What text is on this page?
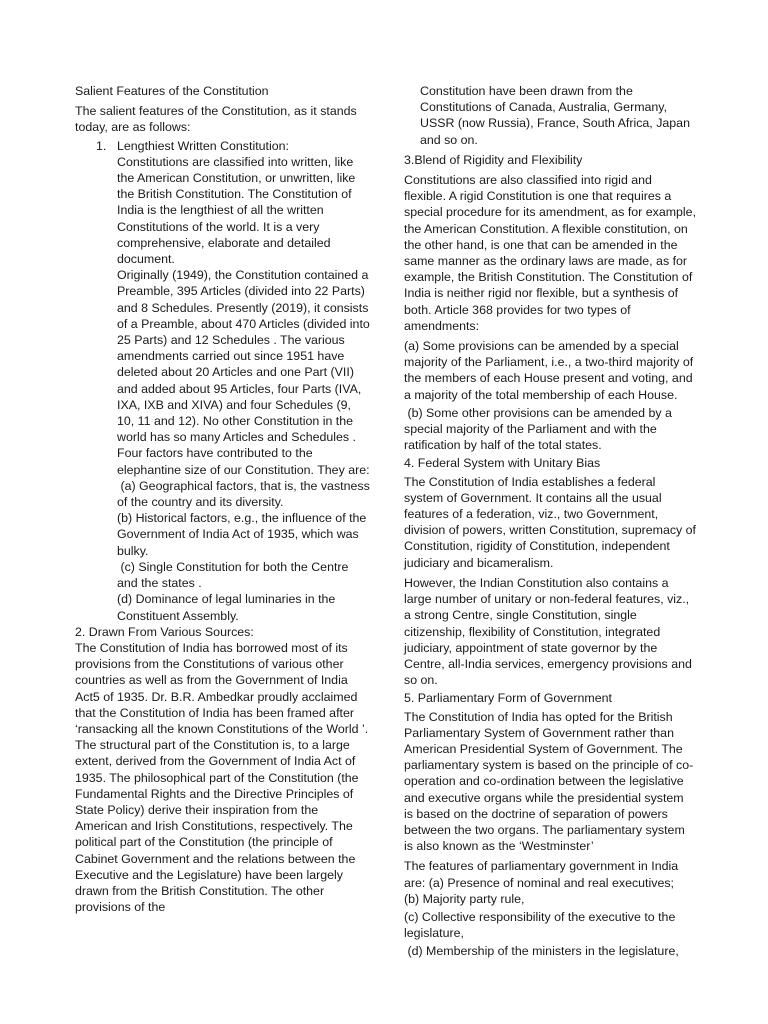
Salient Features of the Constitution

The salient features of the Constitution, as it stands today, are as follows:

1. Lengthiest Written Constitution:

Constitutions are classified into written, like the American Constitution, or unwritten, like the British Constitution. The Constitution of India is the lengthiest of all the written Constitutions of the world. It is a very comprehensive, elaborate and detailed document.

Originally (1949), the Constitution contained a Preamble, 395 Articles (divided into 22 Parts) and 8 Schedules. Presently (2019), it consists of a Preamble, about 470 Articles (divided into 25 Parts) and 12 Schedules . The various amendments carried out since 1951 have deleted about 20 Articles and one Part (VII) and added about 95 Articles, four Parts (IVA, IXA, IXB and XIVA) and four Schedules (9, 10, 11 and 12). No other Constitution in the world has so many Articles and Schedules .

Four factors have contributed to the elephantine size of our Constitution. They are:

(a) Geographical factors, that is, the vastness of the country and its diversity.

(b) Historical factors, e.g., the influence of the Government of India Act of 1935, which was bulky.

(c) Single Constitution for both the Centre and the states .

(d) Dominance of legal luminaries in the Constituent Assembly.

2. Drawn From Various Sources:

The Constitution of India has borrowed most of its provisions from the Constitutions of various other countries as well as from the Government of India Act5 of 1935. Dr. B.R. Ambedkar proudly acclaimed that the Constitution of India has been framed after ‘ransacking all the known Constitutions of the World ’.

The structural part of the Constitution is, to a large extent, derived from the Government of India Act of 1935. The philosophical part of the Constitution (the Fundamental Rights and the Directive Principles of State Policy) derive their inspiration from the American and Irish Constitutions, respectively. The political part of the Constitution (the principle of Cabinet Government and the relations between the Executive and the Legislature) have been largely drawn from the British Constitution. The other provisions of the

Constitution have been drawn from the Constitutions of Canada, Australia, Germany, USSR (now Russia), France, South Africa, Japan and so on.

3.Blend of Rigidity and Flexibility

Constitutions are also classified into rigid and flexible. A rigid Constitution is one that requires a special procedure for its amendment, as for example, the American Constitution. A flexible constitution, on the other hand, is one that can be amended in the same manner as the ordinary laws are made, as for example, the British Constitution. The Constitution of India is neither rigid nor flexible, but a synthesis of both. Article 368 provides for two types of amendments:

(a) Some provisions can be amended by a special majority of the Parliament, i.e., a two-third majority of the members of each House present and voting, and a majority of the total membership of each House.

(b) Some other provisions can be amended by a special majority of the Parliament and with the ratification by half of the total states.

4. Federal System with Unitary Bias

The Constitution of India establishes a federal system of Government. It contains all the usual features of a federation, viz., two Government, division of powers, written Constitution, supremacy of Constitution, rigidity of Constitution, independent judiciary and bicameralism.

However, the Indian Constitution also contains a large number of unitary or non-federal features, viz., a strong Centre, single Constitution, single citizenship, flexibility of Constitution, integrated judiciary, appointment of state governor by the Centre, all-India services, emergency provisions and so on.

5. Parliamentary Form of Government

The Constitution of India has opted for the British Parliamentary System of Government rather than American Presidential System of Government. The parliamentary system is based on the principle of co-operation and co-ordination between the legislative and executive organs while the presidential system is based on the doctrine of separation of powers between the two organs. The parliamentary system is also known as the ‘Westminster’

The features of parliamentary government in India are: (a) Presence of nominal and real executives;

(b) Majority party rule,

(c) Collective responsibility of the executive to the legislature,

(d) Membership of the ministers in the legislature,
